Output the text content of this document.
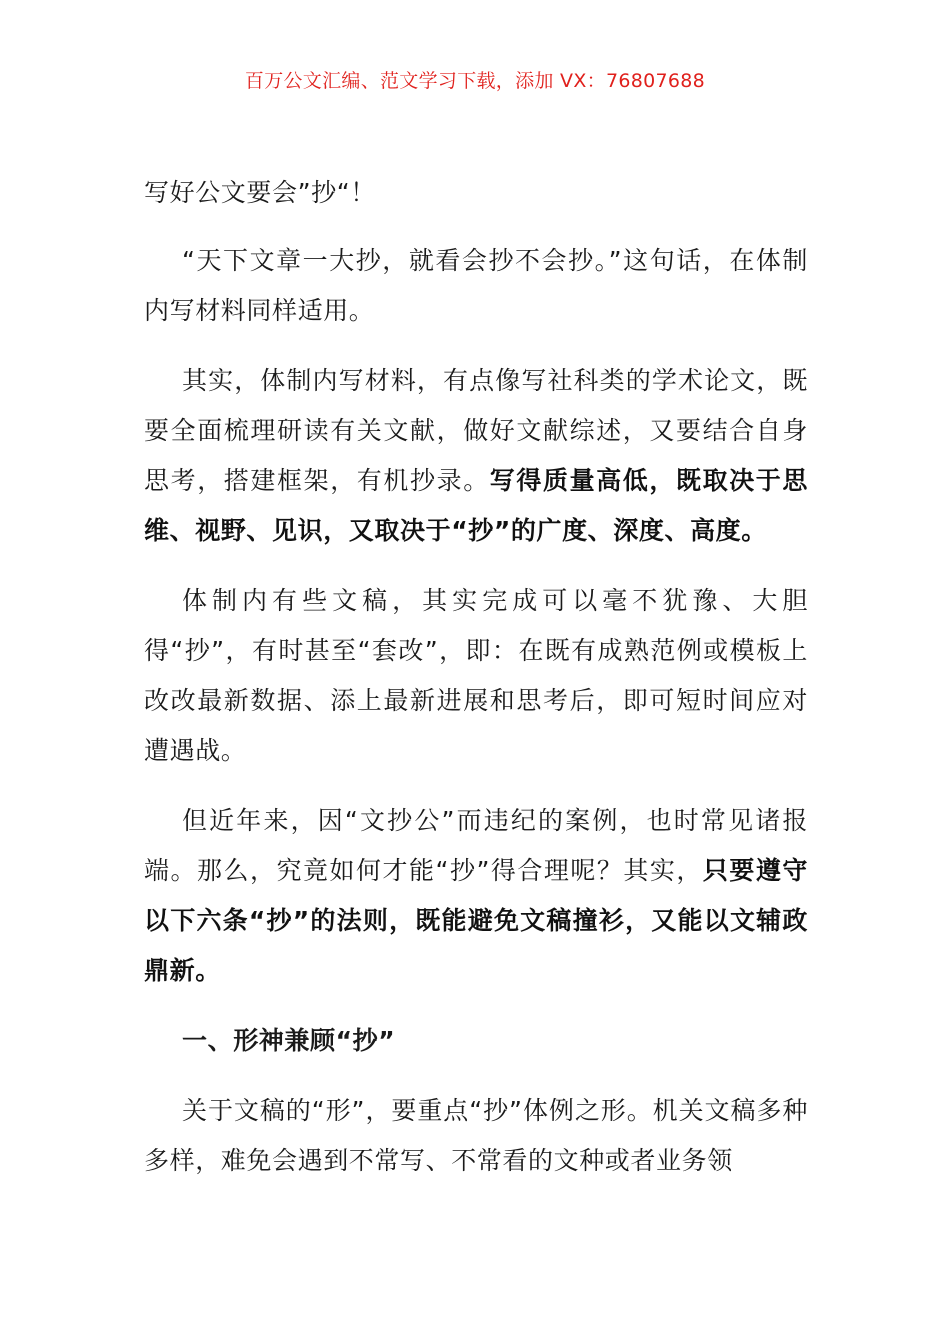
百万公文汇编、范文学习下载，添加 VX：76807688

写好公文要会”抄“！

“天下文章一大抄，就看会抄不会抄。”这句话，在体制内写材料同样适用。

其实，体制内写材料，有点像写社科类的学术论文，既要全面梳理研读有关文献，做好文献综述，又要结合自身思考，搭建框架，有机抄录。写得质量高低，既取决于思维、视野、见识，又取决于“抄”的广度、深度、高度。

体制内有些文稿，其实完成可以毫不犹豫、大胆得“抄”，有时甚至“套改”，即：在既有成熟范例或模板上改改最新数据、添上最新进展和思考后，即可短时间应对遭遇战。

但近年来，因“文抄公”而违纪的案例，也时常见诸报端。那么，究竟如何才能“抄”得合理呢？其实，只要遵守以下六条“抄”的法则，既能避免文稿撞衫，又能以文辅政鼎新。

一、形神兼顾“抄”

关于文稿的“形”，要重点“抄”体例之形。机关文稿多种多样，难免会遇到不常写、不常看的文种或者业务领
